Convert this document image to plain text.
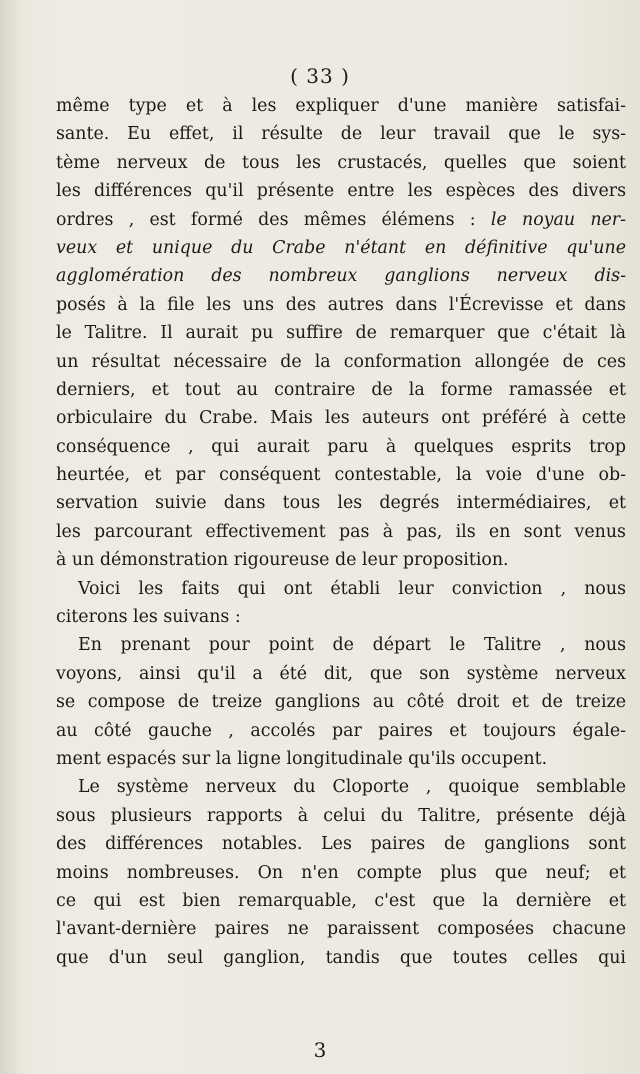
( 33 )
même type et à les expliquer d'une manière satisfai-
sante. Eu effet, il résulte de leur travail que le sys-
tème nerveux de tous les crustacés, quelles que soient
les différences qu'il présente entre les espèces des divers
ordres , est formé des mêmes élémens : le noyau ner-
veux et unique du Crabe n'étant en définitive qu'une
agglomération des nombreux ganglions nerveux dis-
posés à la file les uns des autres dans l'Écrevisse et dans
le Talitre. Il aurait pu suffire de remarquer que c'était là
un résultat nécessaire de la conformation allongée de ces
derniers, et tout au contraire de la forme ramassée et
orbiculaire du Crabe. Mais les auteurs ont préféré à cette
conséquence , qui aurait paru à quelques esprits trop
heurtée, et par conséquent contestable, la voie d'une ob-
servation suivie dans tous les degrés intermédiaires, et
les parcourant effectivement pas à pas, ils en sont venus
à un démonstration rigoureuse de leur proposition.
Voici les faits qui ont établi leur conviction , nous
citerons les suivans :
En prenant pour point de départ le Talitre , nous
voyons, ainsi qu'il a été dit, que son système nerveux
se compose de treize ganglions au côté droit et de treize
au côté gauche , accolés par paires et toujours égale-
ment espacés sur la ligne longitudinale qu'ils occupent.
Le système nerveux du Cloporte , quoique semblable
sous plusieurs rapports à celui du Talitre, présente déjà
des différences notables. Les paires de ganglions sont
moins nombreuses. On n'en compte plus que neuf; et
ce qui est bien remarquable, c'est que la dernière et
l'avant-dernière paires ne paraissent composées chacune
que d'un seul ganglion, tandis que toutes celles qui
3
